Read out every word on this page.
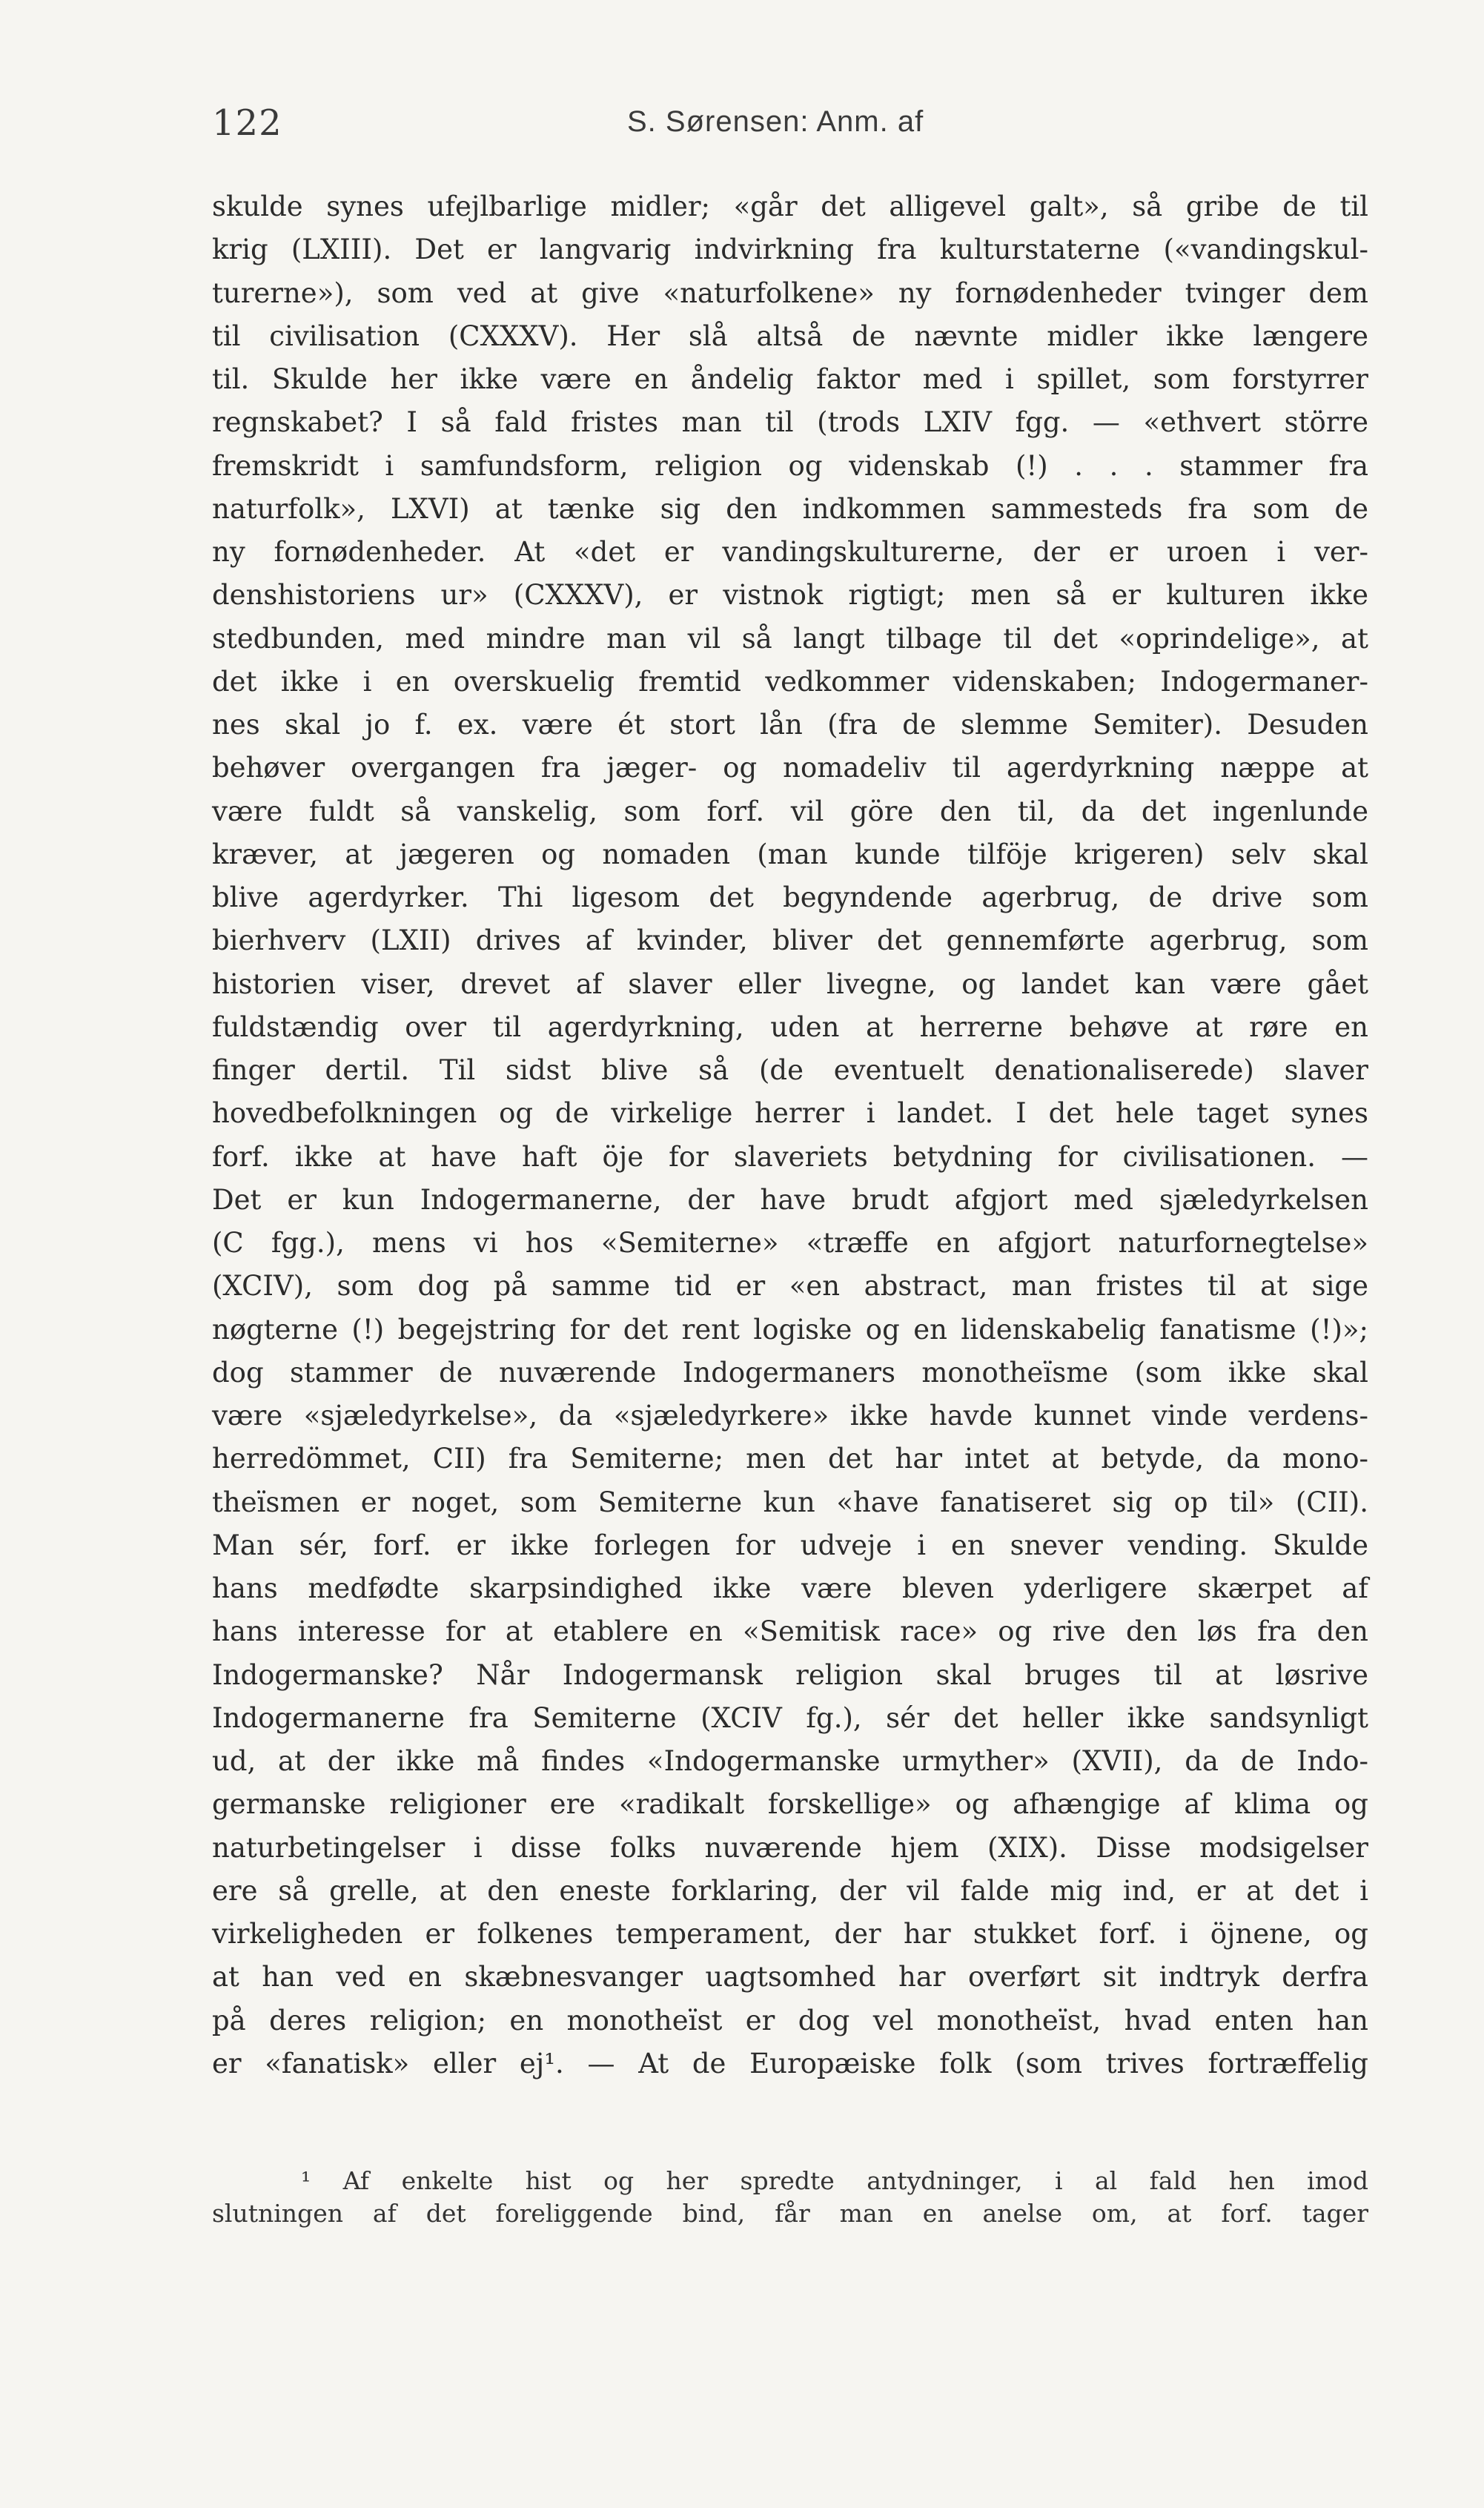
122	S. Sørensen: Anm. af
skulde synes ufejlbarlige midler; «går det alligevel galt», så gribe de til
krig (LXIII). Det er langvarig indvirkning fra kulturstaterne («vandingskul-
turerne»), som ved at give «naturfolkene» ny fornødenheder tvinger dem
til civilisation (CXXXV). Her slå altså de nævnte midler ikke længere
til. Skulde her ikke være en åndelig faktor med i spillet, som forstyrrer
regnskabet? I så fald fristes man til (trods LXIV fgg. — «ethvert större
fremskridt i samfundsform, religion og videnskab (!) . . . stammer fra
naturfolk», LXVI) at tænke sig den indkommen sammesteds fra som de
ny fornødenheder. At «det er vandingskulturerne, der er uroen i ver-
denshistoriens ur» (CXXXV), er vistnok rigtigt; men så er kulturen ikke
stedbunden, med mindre man vil så langt tilbage til det «oprindelige», at
det ikke i en overskuelig fremtid vedkommer videnskaben; Indogermaner-
nes skal jo f. ex. være ét stort lån (fra de slemme Semiter). Desuden
behøver overgangen fra jæger- og nomadeliv til agerdyrkning næppe at
være fuldt så vanskelig, som forf. vil göre den til, da det ingenlunde
kræver, at jægeren og nomaden (man kunde tilföje krigeren) selv skal
blive agerdyrker. Thi ligesom det begyndende agerbrug, de drive som
bierhverv (LXII) drives af kvinder, bliver det gennemførte agerbrug, som
historien viser, drevet af slaver eller livegne, og landet kan være gået
fuldstændig over til agerdyrkning, uden at herrerne behøve at røre en
finger dertil. Til sidst blive så (de eventuelt denationaliserede) slaver
hovedbefolkningen og de virkelige herrer i landet. I det hele taget synes
forf. ikke at have haft öje for slaveriets betydning for civilisationen. —
Det er kun Indogermanerne, der have brudt afgjort med sjæledyrkelsen
(C fgg.), mens vi hos «Semiterne» «træffe en afgjort naturfornegtelse»
(XCIV), som dog på samme tid er «en abstract, man fristes til at sige
nøgterne (!) begejstring for det rent logiske og en lidenskabelig fanatisme (!)»;
dog stammer de nuværende Indogermaners monotheïsme (som ikke skal
være «sjæledyrkelse», da «sjæledyrkere» ikke havde kunnet vinde verdens-
herredömmet, CII) fra Semiterne; men det har intet at betyde, da mono-
theïsmen er noget, som Semiterne kun «have fanatiseret sig op til» (CII).
Man sér, forf. er ikke forlegen for udveje i en snever vending. Skulde
hans medfødte skarpsindighed ikke være bleven yderligere skærpet af
hans interesse for at etablere en «Semitisk race» og rive den løs fra den
Indogermanske? Når Indogermansk religion skal bruges til at løsrive
Indogermanerne fra Semiterne (XCIV fg.), sér det heller ikke sandsynligt
ud, at der ikke må findes «Indogermanske urmyther» (XVII), da de Indo-
germanske religioner ere «radikalt forskellige» og afhængige af klima og
naturbetingelser i disse folks nuværende hjem (XIX). Disse modsigelser
ere så grelle, at den eneste forklaring, der vil falde mig ind, er at det i
virkeligheden er folkenes temperament, der har stukket forf. i öjnene, og
at han ved en skæbnesvanger uagtsomhed har overført sit indtryk derfra
på deres religion; en monotheïst er dog vel monotheïst, hvad enten han
er «fanatisk» eller ej¹. — At de Europæiske folk (som trives fortræffelig
¹ Af enkelte hist og her spredte antydninger, i al fald hen imod
slutningen af det foreliggende bind, får man en anelse om, at forf. tager
